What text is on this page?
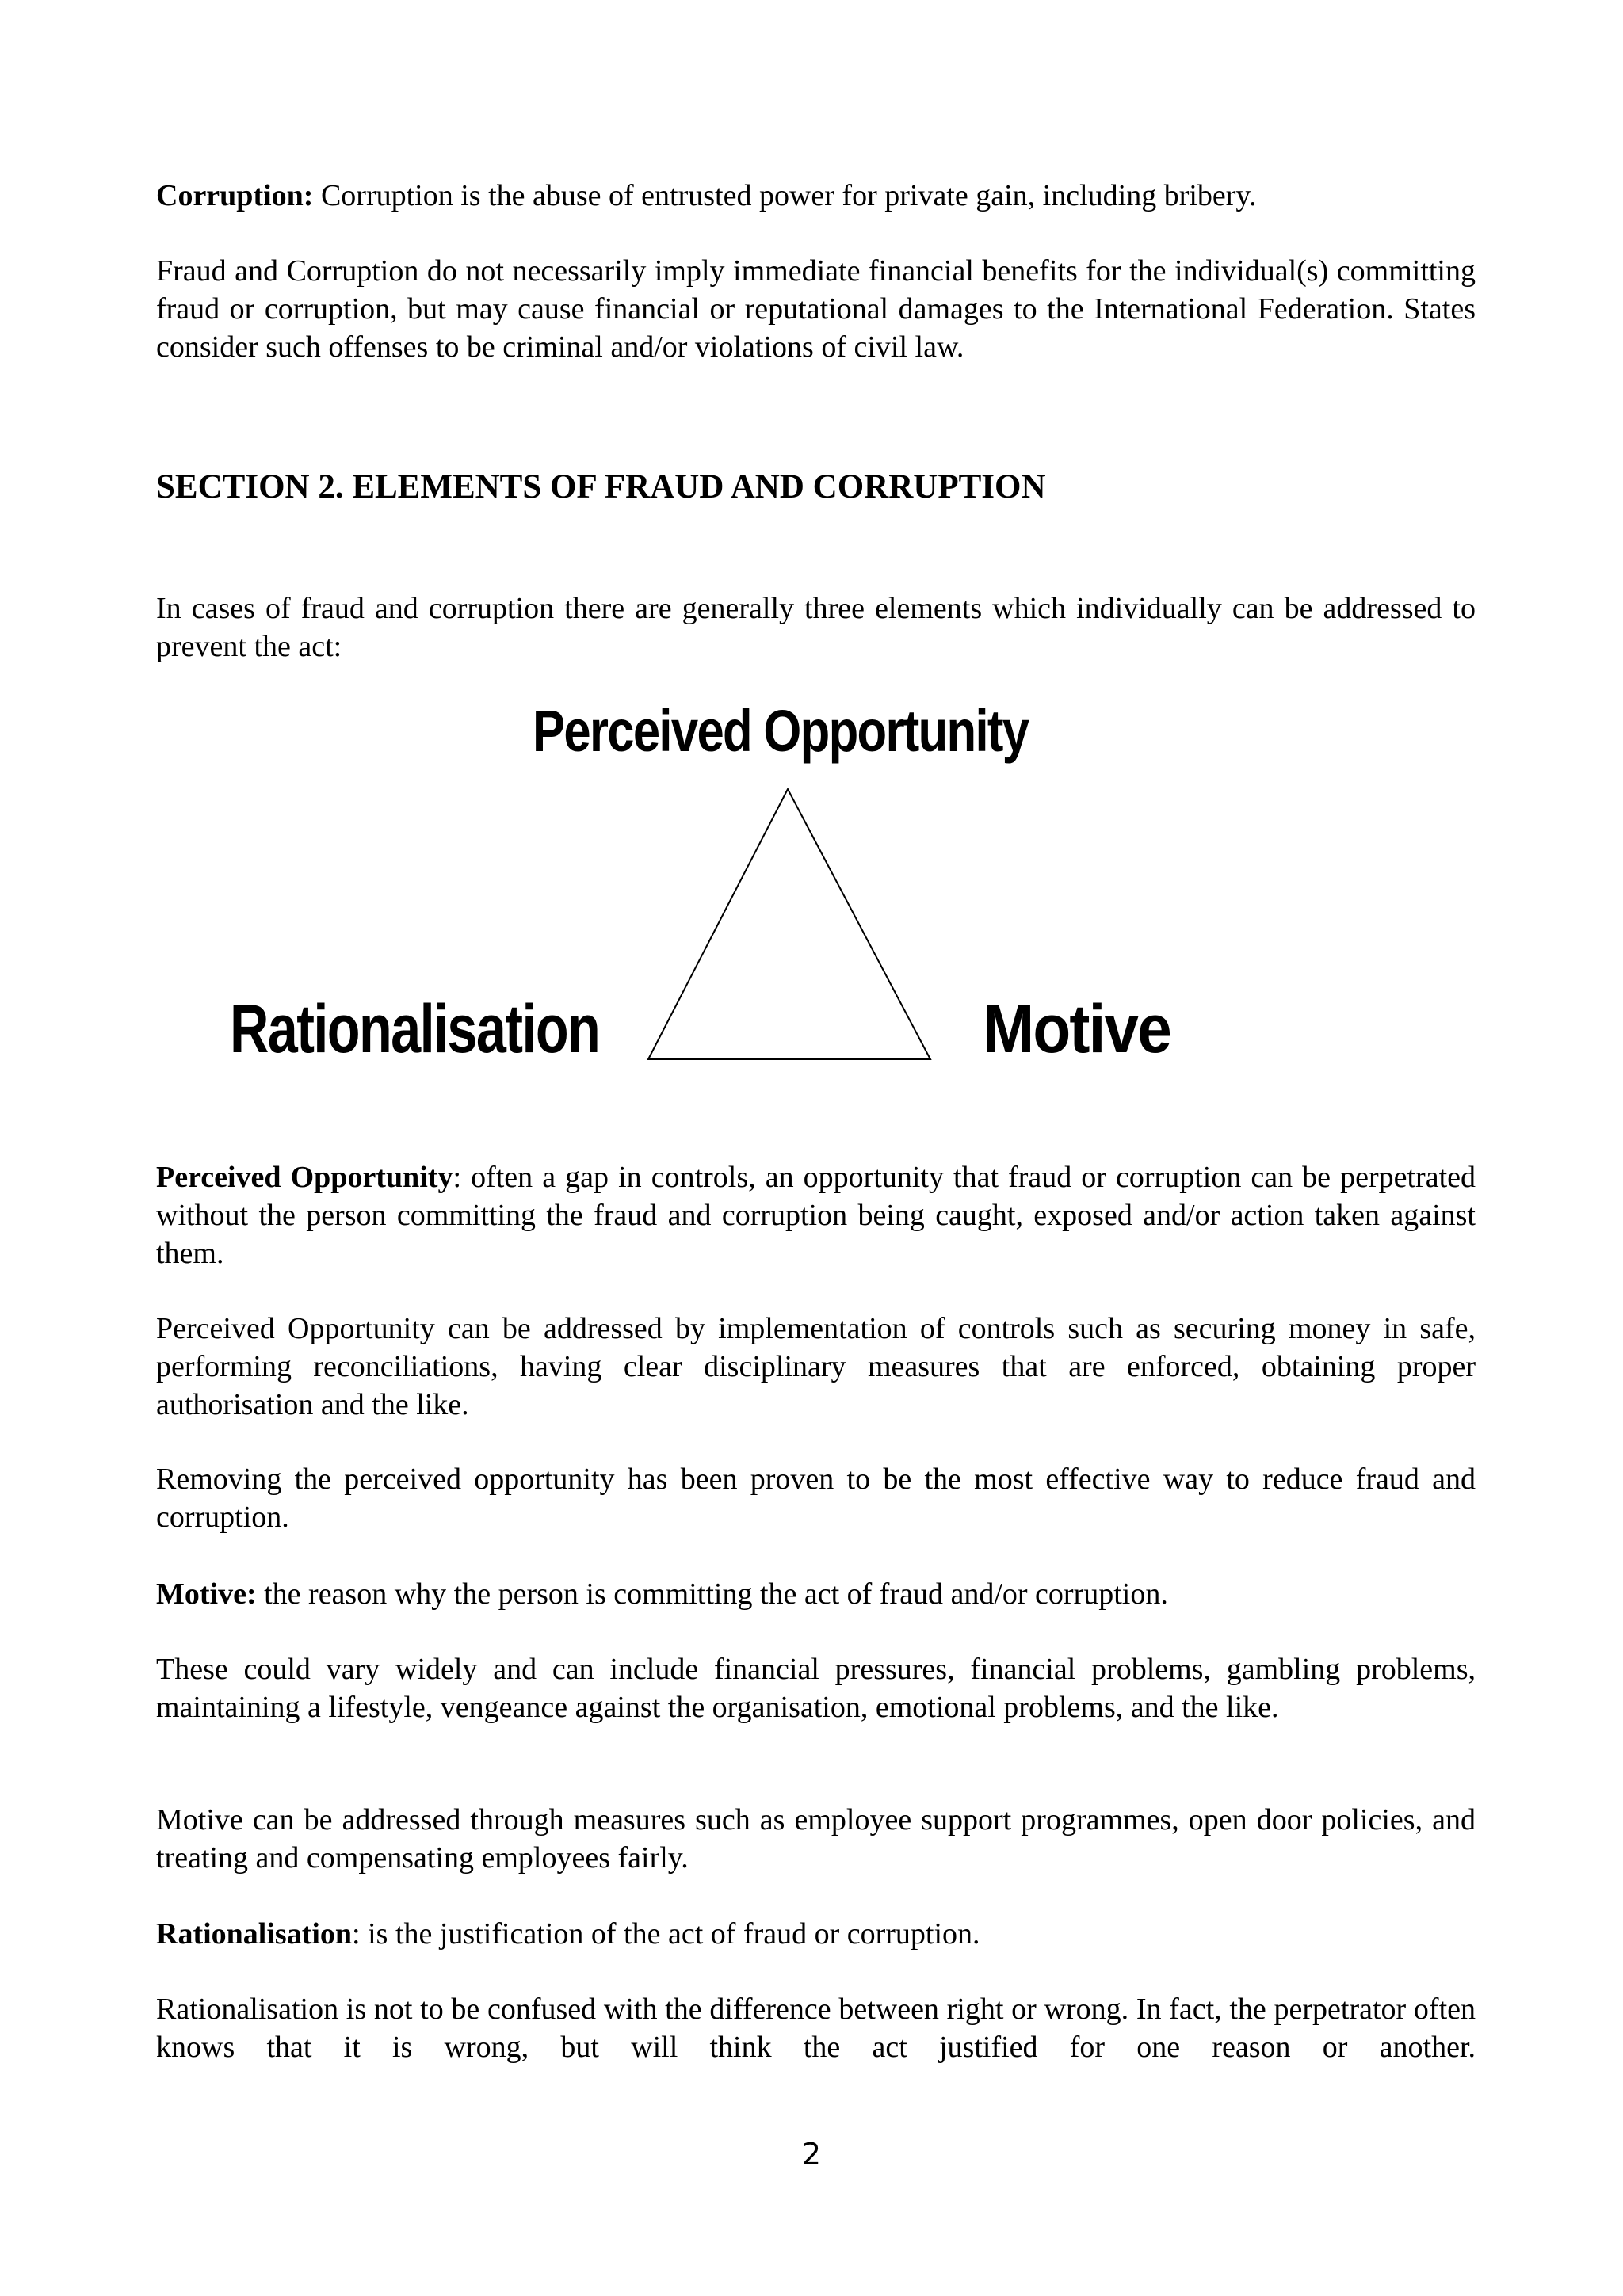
Corruption: Corruption is the abuse of entrusted power for private gain, including bribery.

Fraud and Corruption do not necessarily imply immediate financial benefits for the individual(s) committing fraud or corruption, but may cause financial or reputational damages to the International Federation. States consider such offenses to be criminal and/or violations of civil law.

SECTION 2. ELEMENTS OF FRAUD AND CORRUPTION

In cases of fraud and corruption there are generally three elements which individually can be addressed to prevent the act:

Perceived Opportunity
Rationalisation	Motive

Perceived Opportunity: often a gap in controls, an opportunity that fraud or corruption can be perpetrated without the person committing the fraud and corruption being caught, exposed and/or action taken against them.

Perceived Opportunity can be addressed by implementation of controls such as securing money in safe, performing reconciliations, having clear disciplinary measures that are enforced, obtaining proper authorisation and the like.

Removing the perceived opportunity has been proven to be the most effective way to reduce fraud and corruption.

Motive: the reason why the person is committing the act of fraud and/or corruption.

These could vary widely and can include financial pressures, financial problems, gambling problems, maintaining a lifestyle, vengeance against the organisation, emotional problems, and the like.

Motive can be addressed through measures such as employee support programmes, open door policies, and treating and compensating employees fairly.

Rationalisation: is the justification of the act of fraud or corruption.

Rationalisation is not to be confused with the difference between right or wrong. In fact, the perpetrator often knows that it is wrong, but will think the act justified for one reason or another.

2
